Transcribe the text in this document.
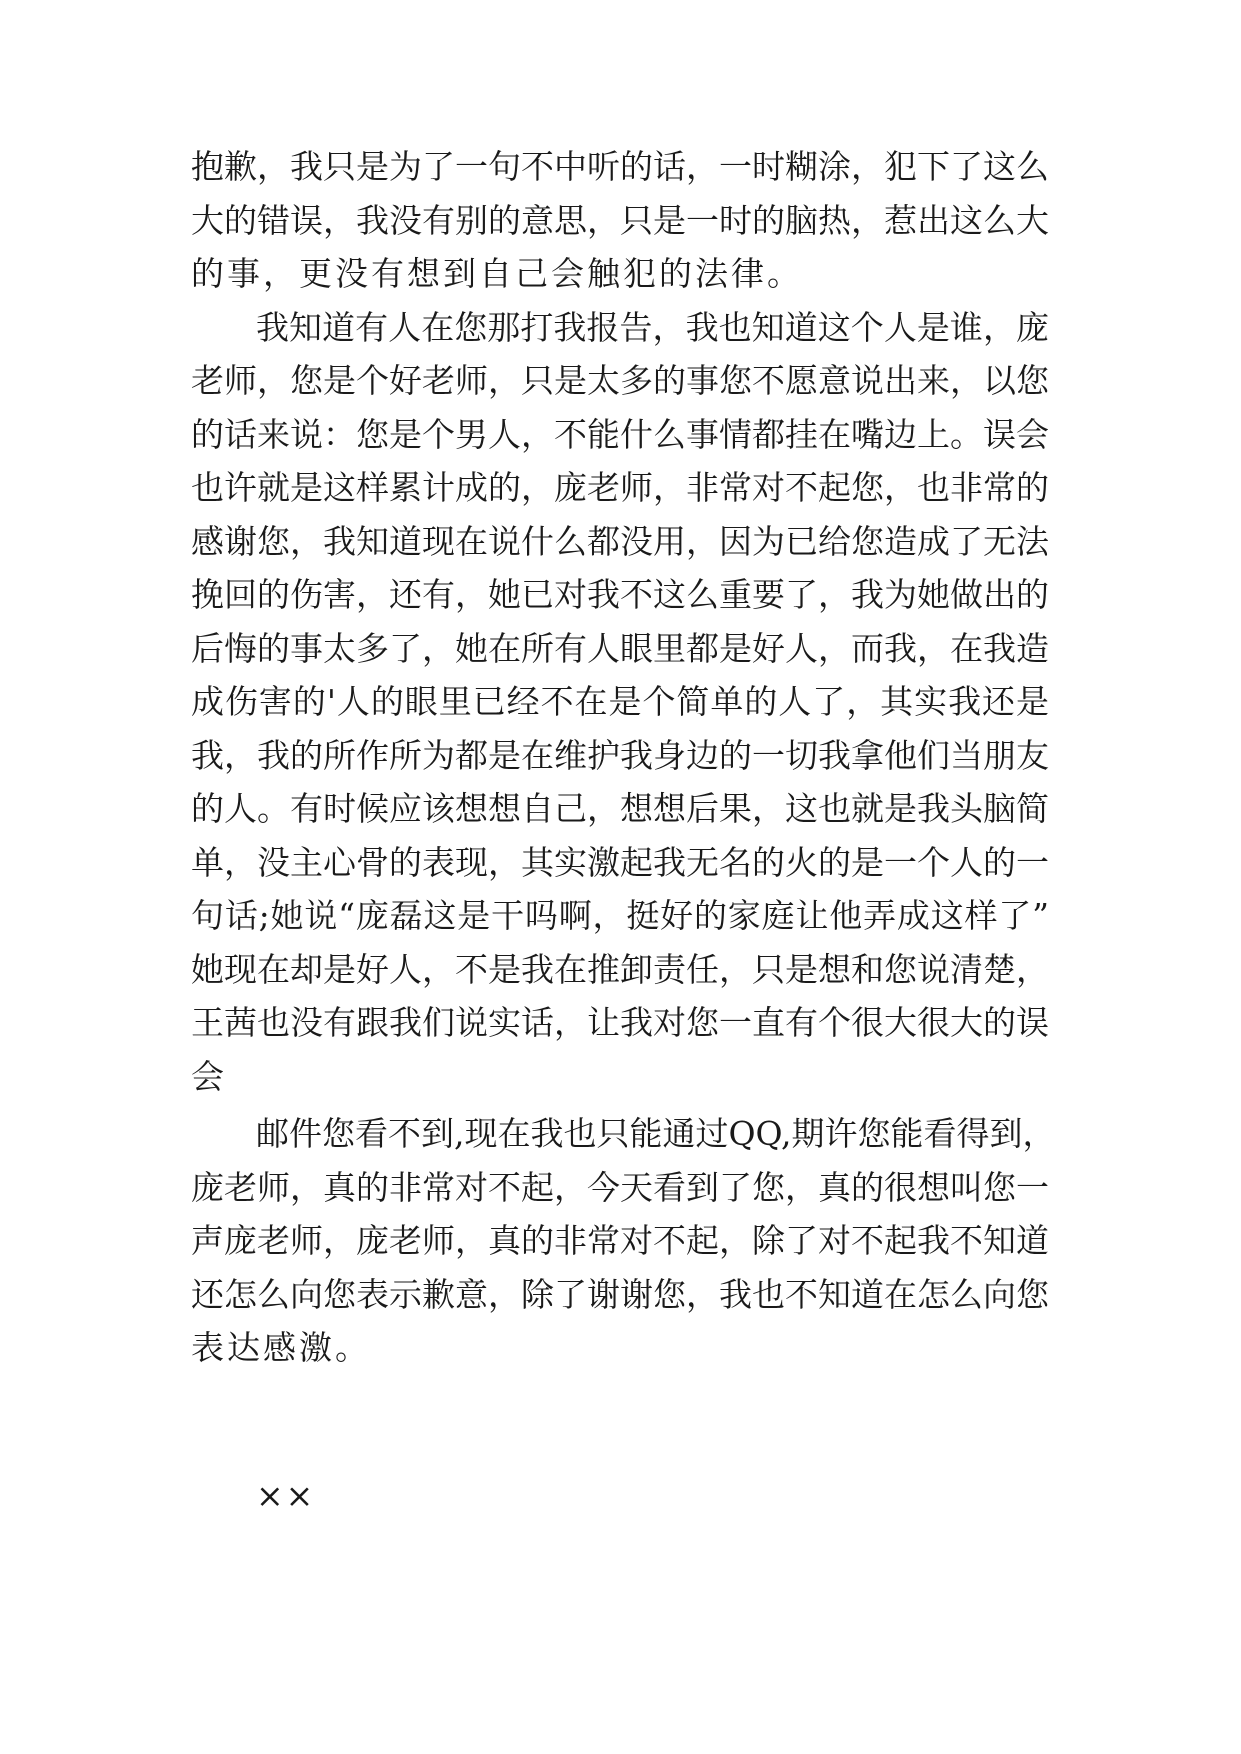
抱歉，我只是为了一句不中听的话，一时糊涂，犯下了这么

大的错误，我没有别的意思，只是一时的脑热，惹出这么大

的事，更没有想到自己会触犯的法律。

我知道有人在您那打我报告，我也知道这个人是谁，庞

老师，您是个好老师，只是太多的事您不愿意说出来，以您

的话来说：您是个男人，不能什么事情都挂在嘴边上。误会

也许就是这样累计成的，庞老师，非常对不起您，也非常的

感谢您，我知道现在说什么都没用，因为已给您造成了无法

挽回的伤害，还有，她已对我不这么重要了，我为她做出的

后悔的事太多了，她在所有人眼里都是好人，而我，在我造

成伤害的'人的眼里已经不在是个简单的人了，其实我还是

我，我的所作所为都是在维护我身边的一切我拿他们当朋友

的人。有时候应该想想自己，想想后果，这也就是我头脑简

单，没主心骨的表现，其实激起我无名的火的是一个人的一

句话;她说“庞磊这是干吗啊，挺好的家庭让他弄成这样了”

她现在却是好人，不是我在推卸责任，只是想和您说清楚，

王茜也没有跟我们说实话，让我对您一直有个很大很大的误

会

邮件您看不到,现在我也只能通过QQ,期许您能看得到，

庞老师，真的非常对不起，今天看到了您，真的很想叫您一

声庞老师，庞老师，真的非常对不起，除了对不起我不知道

还怎么向您表示歉意，除了谢谢您，我也不知道在怎么向您

表达感激。

××
